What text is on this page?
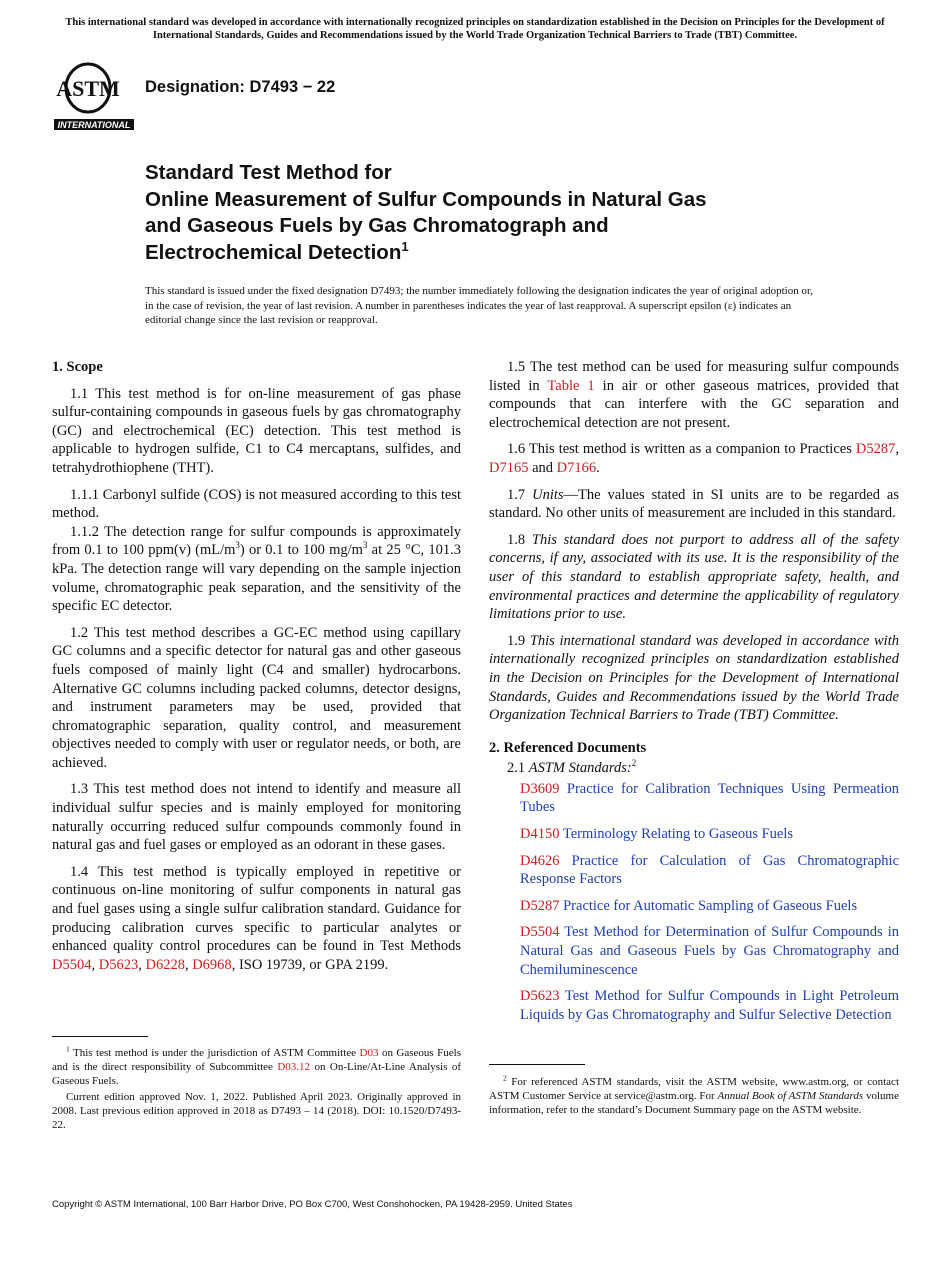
This international standard was developed in accordance with internationally recognized principles on standardization established in the Decision on Principles for the Development of International Standards, Guides and Recommendations issued by the World Trade Organization Technical Barriers to Trade (TBT) Committee.
ASTM
INTERNATIONAL
Designation: D7493 − 22
Standard Test Method for
Online Measurement of Sulfur Compounds in Natural Gas
and Gaseous Fuels by Gas Chromatograph and
Electrochemical Detection$^1$
This standard is issued under the fixed designation D7493; the number immediately following the designation indicates the year of original adoption or, in the case of revision, the year of last revision. A number in parentheses indicates the year of last reapproval. A superscript epsilon (ε) indicates an editorial change since the last revision or reapproval.
1. Scope

1.1 This test method is for on-line measurement of gas phase sulfur-containing compounds in gaseous fuels by gas chromatography (GC) and electrochemical (EC) detection. This test method is applicable to hydrogen sulfide, C1 to C4 mercaptans, sulfides, and tetrahydrothiophene (THT).

1.1.1 Carbonyl sulfide (COS) is not measured according to this test method.

1.1.2 The detection range for sulfur compounds is approximately from 0.1 to 100 ppm(v) $(mL/m^3)$ or 0.1 to 100 $mg/m^3$ at 25 °C, 101.3 kPa. The detection range will vary depending on the sample injection volume, chromatographic peak separation, and the sensitivity of the specific EC detector.

1.2 This test method describes a GC-EC method using capillary GC columns and a specific detector for natural gas and other gaseous fuels composed of mainly light (C4 and smaller) hydrocarbons. Alternative GC columns including packed columns, detector designs, and instrument parameters may be used, provided that chromatographic separation, quality control, and measurement objectives needed to comply with user or regulator needs, or both, are achieved.

1.3 This test method does not intend to identify and measure all individual sulfur species and is mainly employed for monitoring naturally occurring reduced sulfur compounds commonly found in natural gas and fuel gases or employed as an odorant in these gases.

1.4 This test method is typically employed in repetitive or continuous on-line monitoring of sulfur components in natural gas and fuel gases using a single sulfur calibration standard. Guidance for producing calibration curves specific to particular analytes or enhanced quality control procedures can be found in Test Methods D5504, D5623, D6228, D6968, ISO 19739, or GPA 2199.

1.5 The test method can be used for measuring sulfur compounds listed in Table 1 in air or other gaseous matrices, provided that compounds that can interfere with the GC separation and electrochemical detection are not present.

1.6 This test method is written as a companion to Practices D5287, D7165 and D7166.

1.7 Units—The values stated in SI units are to be regarded as standard. No other units of measurement are included in this standard.

1.8 This standard does not purport to address all of the safety concerns, if any, associated with its use. It is the responsibility of the user of this standard to establish appropriate safety, health, and environmental practices and determine the applicability of regulatory limitations prior to use.

1.9 This international standard was developed in accordance with internationally recognized principles on standardization established in the Decision on Principles for the Development of International Standards, Guides and Recommendations issued by the World Trade Organization Technical Barriers to Trade (TBT) Committee.

2. Referenced Documents

2.1 ASTM Standards:$^2$

D3609 Practice for Calibration Techniques Using Permeation Tubes

D4150 Terminology Relating to Gaseous Fuels

D4626 Practice for Calculation of Gas Chromatographic Response Factors

D5287 Practice for Automatic Sampling of Gaseous Fuels

D5504 Test Method for Determination of Sulfur Compounds in Natural Gas and Gaseous Fuels by Gas Chromatography and Chemiluminescence

D5623 Test Method for Sulfur Compounds in Light Petroleum Liquids by Gas Chromatography and Sulfur Selective Detection

$^1$ This test method is under the jurisdiction of ASTM Committee D03 on Gaseous Fuels and is the direct responsibility of Subcommittee D03.12 on On-Line/At-Line Analysis of Gaseous Fuels.
Current edition approved Nov. 1, 2022. Published April 2023. Originally approved in 2008. Last previous edition approved in 2018 as D7493 – 14 (2018). DOI: 10.1520/D7493-22.
$^2$ For referenced ASTM standards, visit the ASTM website, www.astm.org, or contact ASTM Customer Service at service@astm.org. For Annual Book of ASTM Standards volume information, refer to the standard’s Document Summary page on the ASTM website.
Copyright © ASTM International, 100 Barr Harbor Drive, PO Box C700, West Conshohocken, PA 19428-2959. United States
